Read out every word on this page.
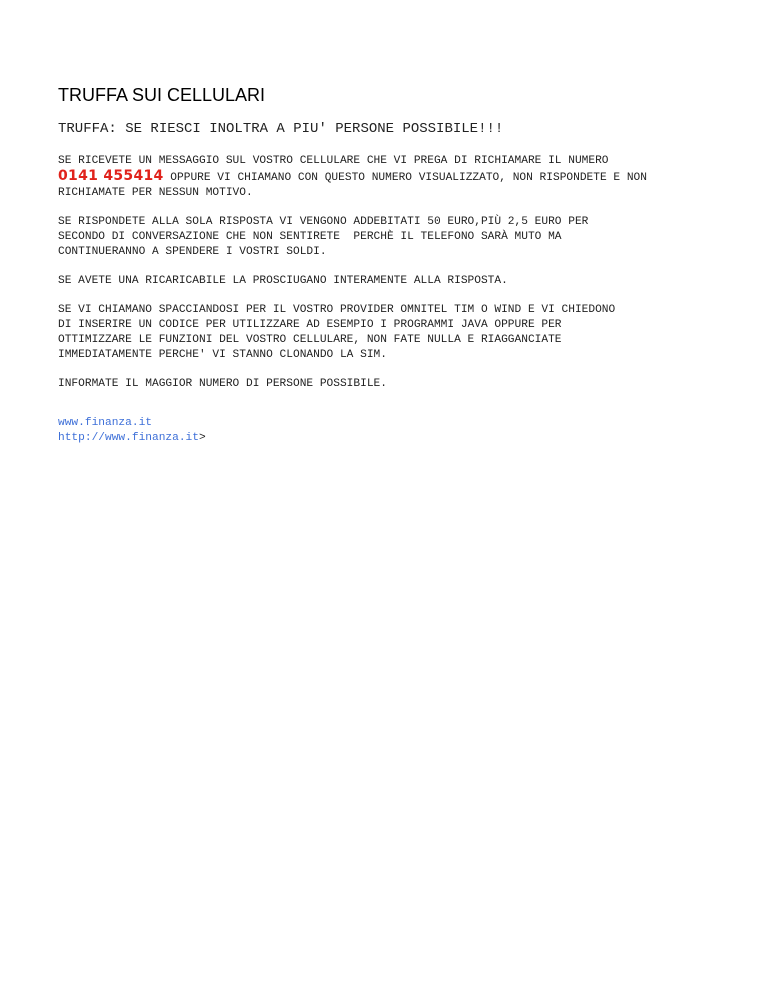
TRUFFA SUI CELLULARI
TRUFFA: SE RIESCI INOLTRA A PIU' PERSONE POSSIBILE!!!
SE RICEVETE UN MESSAGGIO SUL VOSTRO CELLULARE CHE VI PREGA DI RICHIAMARE IL NUMERO
0141 455414 OPPURE VI CHIAMANO CON QUESTO NUMERO VISUALIZZATO, NON RISPONDETE E NON
RICHIAMATE PER NESSUN MOTIVO.
SE RISPONDETE ALLA SOLA RISPOSTA VI VENGONO ADDEBITATI 50 EURO,PIÙ 2,5 EURO PER
SECONDO DI CONVERSAZIONE CHE NON SENTIRETE  PERCHÈ IL TELEFONO SARÀ MUTO MA
CONTINUERANNO A SPENDERE I VOSTRI SOLDI.
SE AVETE UNA RICARICABILE LA PROSCIUGANO INTERAMENTE ALLA RISPOSTA.
SE VI CHIAMANO SPACCIANDOSI PER IL VOSTRO PROVIDER OMNITEL TIM O WIND E VI CHIEDONO
DI INSERIRE UN CODICE PER UTILIZZARE AD ESEMPIO I PROGRAMMI JAVA OPPURE PER
OTTIMIZZARE LE FUNZIONI DEL VOSTRO CELLULARE, NON FATE NULLA E RIAGGANCIATE
IMMEDIATAMENTE PERCHE' VI STANNO CLONANDO LA SIM.
INFORMATE IL MAGGIOR NUMERO DI PERSONE POSSIBILE.
www.finanza.it
http://www.finanza.it>
